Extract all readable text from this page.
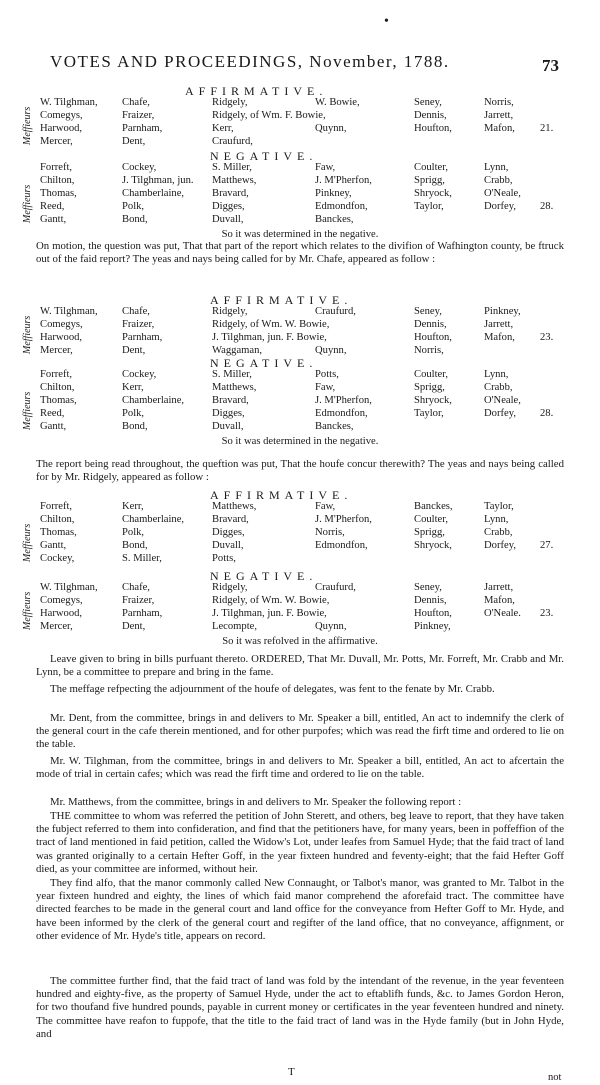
•
VOTES AND PROCEEDINGS, November, 1788.	73
AFFIRMATIVE.
Meffieurs
W. Tilghman, Chafe,	Ridgely,	W. Bowie,	Seney,	Norris,
Comegys,	Fraizer,	Ridgely, of Wm. F. Bowie,	Dennis,	Jarrett,
Harwood,	Parnham,	Kerr,	Quynn,	Houfton,	Mafon, 21.
Mercer,	Dent,	Craufurd,
NEGATIVE.
Meffieurs
Forreft,	Cockey,	S. Miller,	Faw,	Coulter,	Lynn,
Chilton,	J. Tilghman, jun. Matthews,	J. M'Pherfon,	Sprigg,	Crabb,
Thomas,	Chamberlaine,	Bravard,	Pinkney,	Shryock,	O'Neale,
Reed,	Polk,	Digges,	Edmondfon,	Taylor,	Dorfey, 28.
Gantt,	Bond,	Duvall,	Banckes,
So it was determined in the negative.
AFFIRMATIVE.
Meffieurs
W. Tilghman, Chafe,	Ridgely,	Craufurd,	Seney,	Pinkney,
Comegys,	Fraizer,	Ridgely, of Wm. W. Bowie,	Dennis,	Jarrett,
Harwood,	Parnham,	J. Tilghman, jun. F. Bowie,	Houfton,	Mafon, 23.
Mercer,	Dent,	Waggaman,	Quynn,	Norris,
NEGATIVE.
Meffieurs
Forreft,	Cockey,	S. Miller,	Potts,	Coulter,	Lynn,
Chilton,	Kerr,	Matthews,	Faw,	Sprigg,	Crabb,
Thomas,	Chamberlaine,	Bravard,	J. M'Pherfon,	Shryock,	O'Neale,
Reed,	Polk,	Digges,	Edmondfon,	Taylor,	Dorfey, 28.
Gantt,	Bond,	Duvall,	Banckes,
So it was determined in the negative.
AFFIRMATIVE.
Meffieurs
Forreft,	Kerr,	Matthews,	Faw,	Banckes,	Taylor,
Chilton,	Chamberlaine,	Bravard,	J. M'Pherfon,	Coulter,	Lynn,
Thomas,	Polk,	Digges,	Norris,	Sprigg,	Crabb,
Gantt,	Bond,	Duvall,	Edmondfon,	Shryock,	Dorfey, 27.
Cockey,	S. Miller,	Potts,
NEGATIVE.
Meffieurs
W. Tilghman, Chafe,	Ridgely,	Craufurd,	Seney,	Jarrett,
Comegys,	Fraizer,	Ridgely, of Wm. W. Bowie,	Dennis,	Mafon,
Harwood,	Parnham,	J. Tilghman, jun. F. Bowie,	Houfton,	O'Neale. 23.
Mercer,	Dent,	Lecompte,	Quynn,	Pinkney,
So it was refolved in the affirmative.
On motion, the question was put, That that part of the report which relates to the divifion of Wafhington county, be ftruck out of the faid report? The yeas and nays being called for by Mr. Chafe, appeared as follow :
The report being read throughout, the queftion was put, That the houfe concur therewith? The yeas and nays being called for by Mr. Ridgely, appeared as follow :
Leave given to bring in bills purfuant thereto. ORDERED, That Mr. Duvall, Mr. Potts, Mr. Forreft, Mr. Crabb and Mr. Lynn, be a committee to prepare and bring in the fame.
The meffage refpecting the adjournment of the houfe of delegates, was fent to the fenate by Mr. Crabb.
Mr. Dent, from the committee, brings in and delivers to Mr. Speaker a bill, entitled, An act to indemnify the clerk of the general court in the cafe therein mentioned, and for other purpofes; which was read the firft time and ordered to lie on the table.
Mr. W. Tilghman, from the committee, brings in and delivers to Mr. Speaker a bill, entitled, An act to afcertain the mode of trial in certain cafes; which was read the firft time and ordered to lie on the table.
Mr. Matthews, from the committee, brings in and delivers to Mr. Speaker the following report :
THE committee to whom was referred the petition of John Sterett, and others, beg leave to report, that they have taken the fubject referred to them into confideration, and find that the petitioners have, for many years, been in poffeffion of the tract of land mentioned in faid petition, called the Widow's Lot, under leafes from Samuel Hyde; that the faid tract of land was granted originally to a certain Hefter Goff, in the year fixteen hundred and feventy-eight; that the faid Hefter Goff died, as your committee are informed, without heir.
They find alfo, that the manor commonly called New Connaught, or Talbot's manor, was granted to Mr. Talbot in the year fixteen hundred and eighty, the lines of which faid manor comprehend the aforefaid tract. The committee have directed fearches to be made in the general court and land office for the conveyance from Hefter Goff to Mr. Hyde, and have been informed by the clerk of the general court and regifter of the land office, that no conveyance, affignment, or other evidence of Mr. Hyde's title, appears on record.
The committee further find, that the faid tract of land was fold by the intendant of the revenue, in the year feventeen hundred and eighty-five, as the property of Samuel Hyde, under the act to eftablifh funds, &c. to James Gordon Heron, for two thoufand five hundred pounds, payable in current money or certificates in the year feventeen hundred and ninety. The committee have reafon to fuppofe, that the title to the faid tract of land was in the Hyde family (but in John Hyde, and
T	not
